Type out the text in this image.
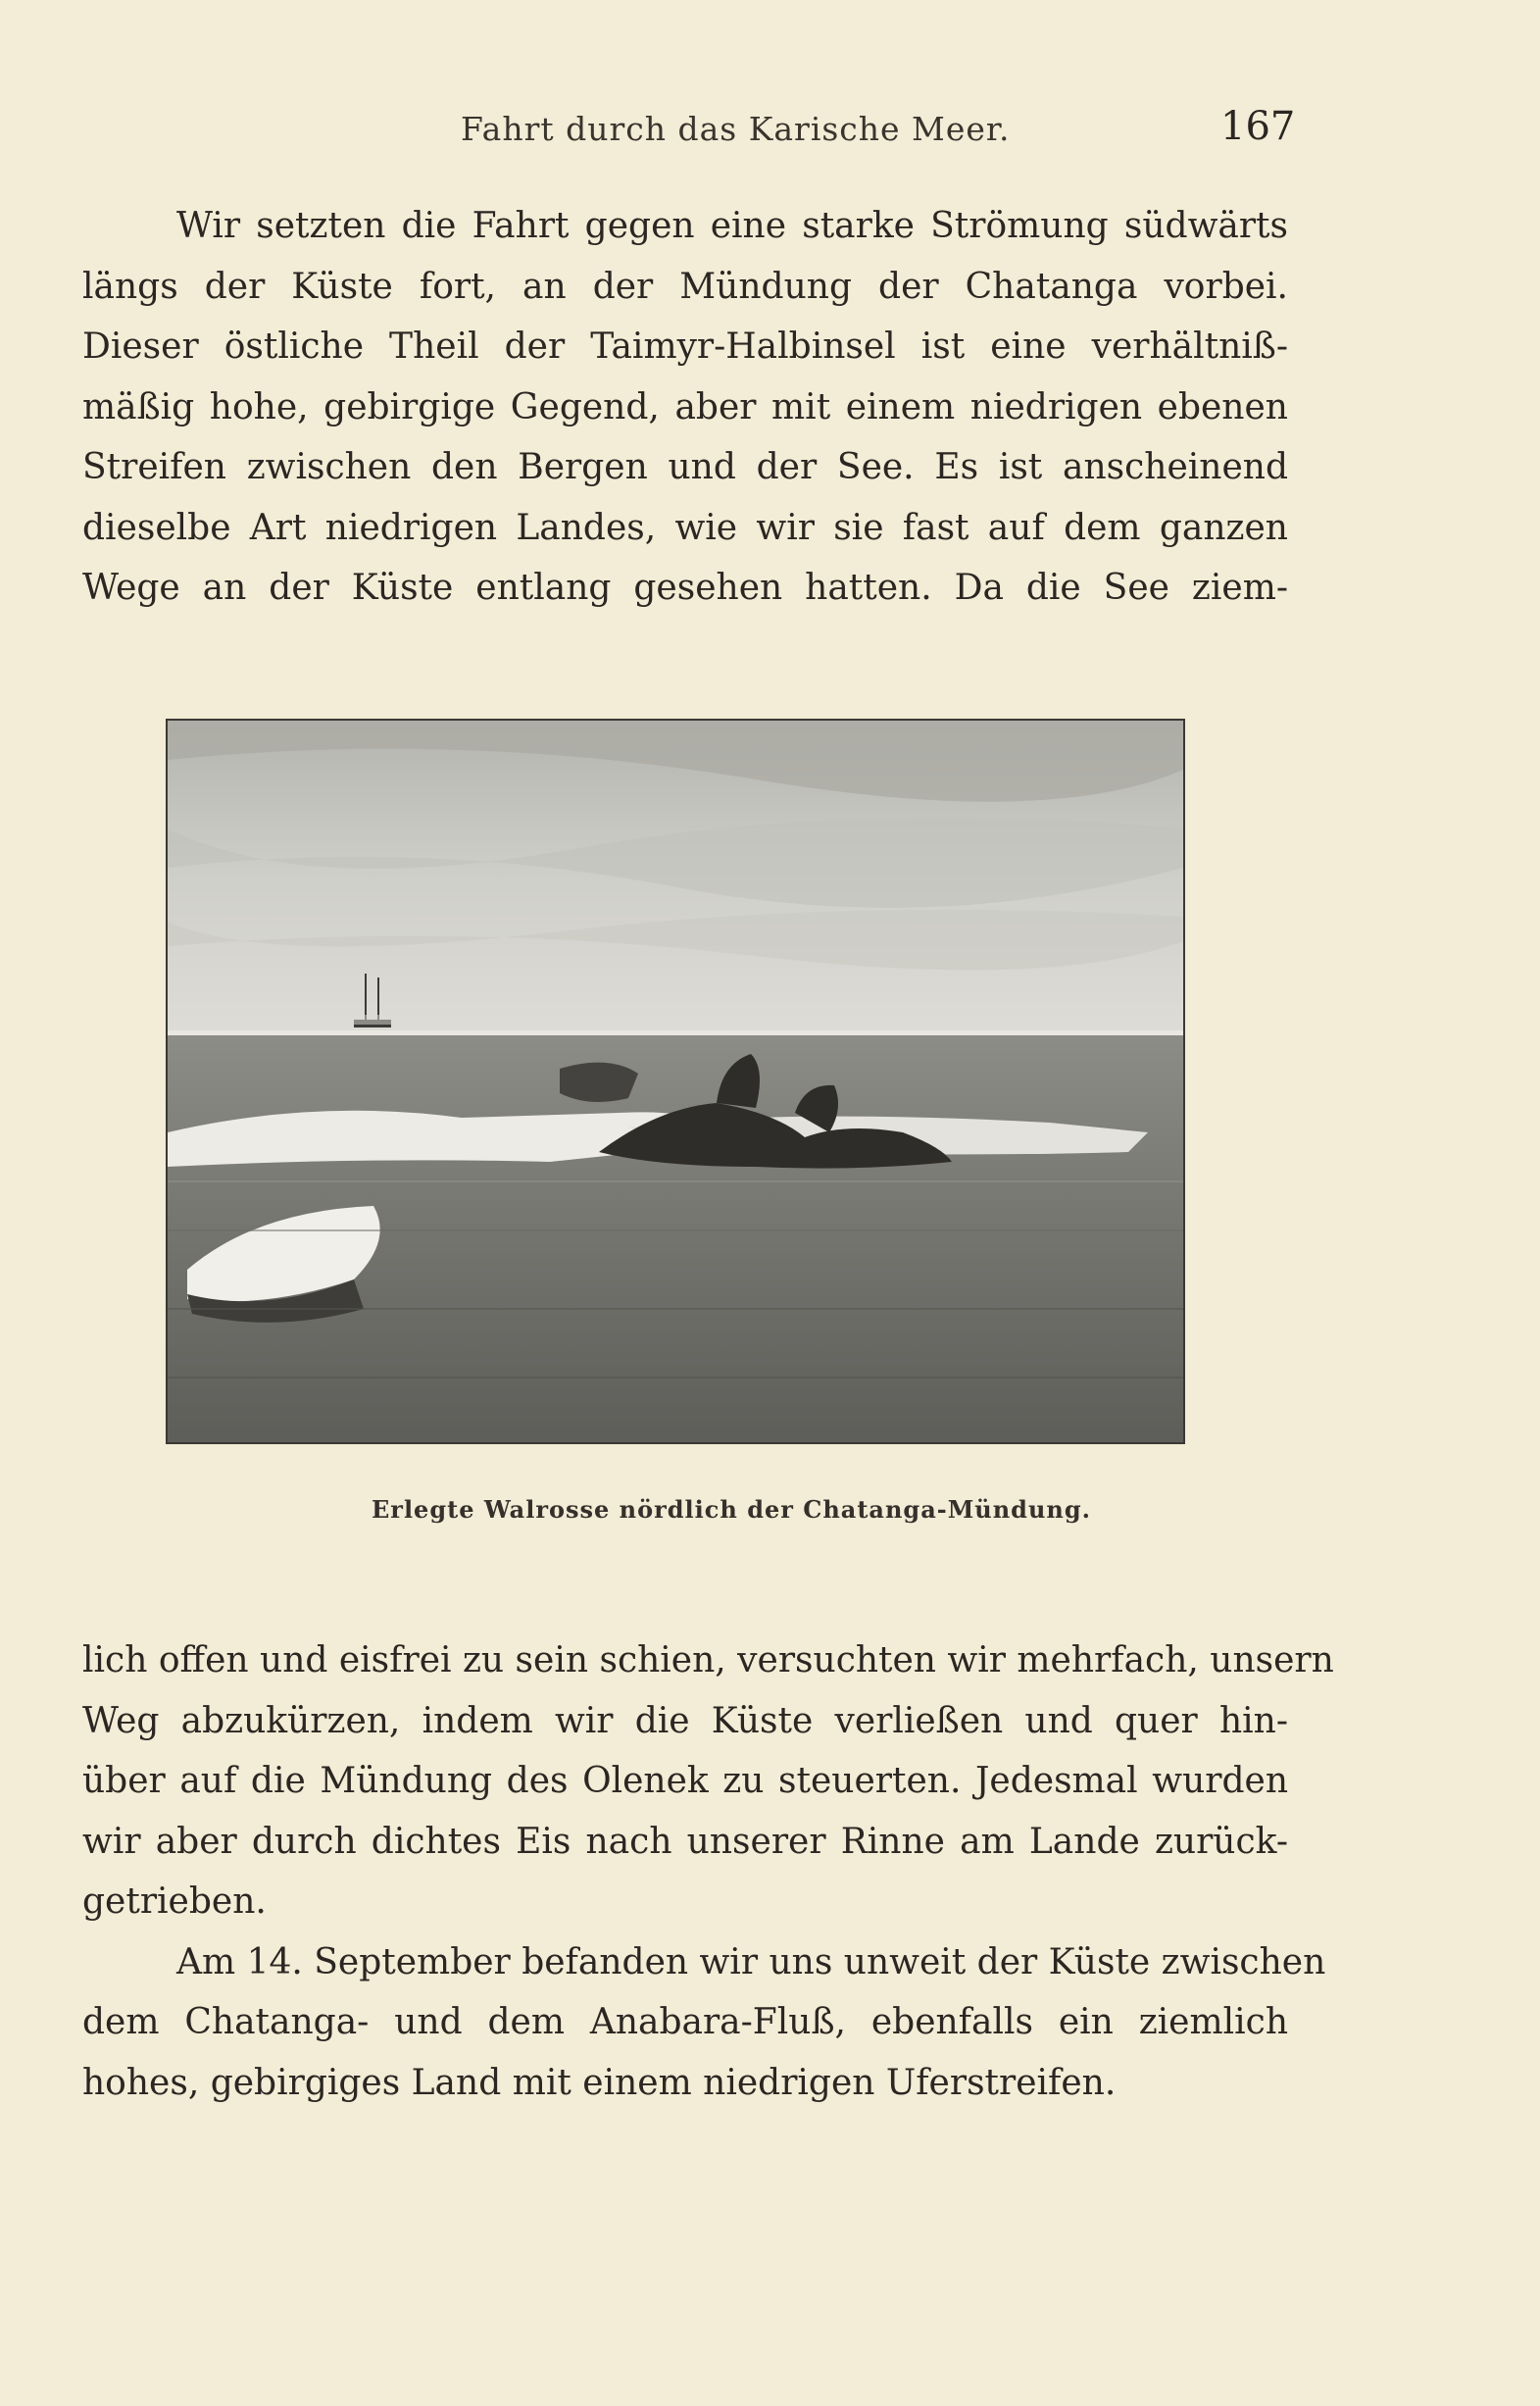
Fahrt durch das Karische Meer.	167
Wir setzten die Fahrt gegen eine starke Strömung südwärts
längs der Küste fort, an der Mündung der Chatanga vorbei.
Dieser östliche Theil der Taimyr-Halbinsel ist eine verhältniß-
mäßig hohe, gebirgige Gegend, aber mit einem niedrigen ebenen
Streifen zwischen den Bergen und der See. Es ist anscheinend
dieselbe Art niedrigen Landes, wie wir sie fast auf dem ganzen
Wege an der Küste entlang gesehen hatten. Da die See ziem-
Erlegte Walrosse nördlich der Chatanga-Mündung.
lich offen und eisfrei zu sein schien, versuchten wir mehrfach, unsern
Weg abzukürzen, indem wir die Küste verließen und quer hin-
über auf die Mündung des Olenek zu steuerten. Jedesmal wurden
wir aber durch dichtes Eis nach unserer Rinne am Lande zurück-
getrieben.
Am 14. September befanden wir uns unweit der Küste zwischen
dem Chatanga- und dem Anabara-Fluß, ebenfalls ein ziemlich
hohes, gebirgiges Land mit einem niedrigen Uferstreifen.
